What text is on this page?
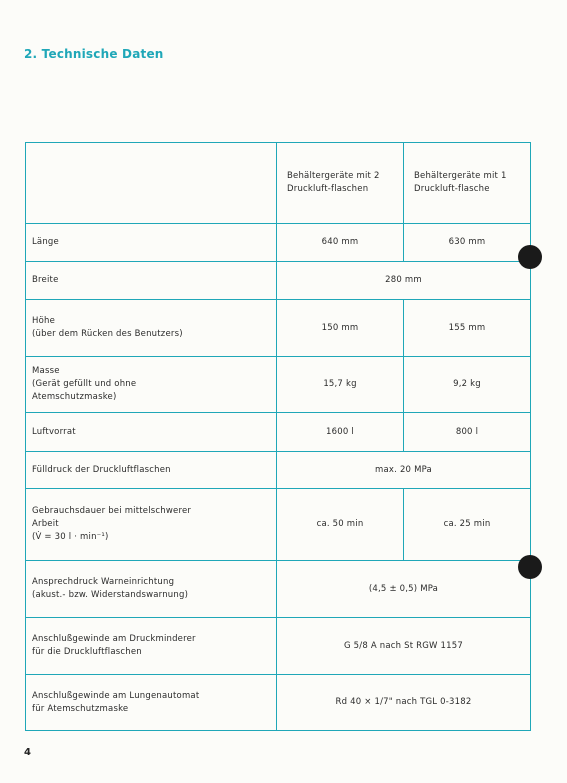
2. Technische Daten
	Behältergeräte mit 2 Druckluft-flaschen	Behältergeräte mit 1 Druckluft-flasche
Länge	640 mm	630 mm
Breite	280 mm	
Höhe
(über dem Rücken des Benutzers)	150 mm	155 mm
Masse
(Gerät gefüllt und ohne
Atemschutzmaske)	15,7 kg	9,2 kg
Luftvorrat	1600 l	800 l
Fülldruck der Druckluftflaschen	max. 20 MPa	
Gebrauchsdauer bei mittelschwerer
Arbeit
(V̇ = 30 l · min⁻¹)	ca. 50 min	ca. 25 min
Ansprechdruck Warneinrichtung
(akust.- bzw. Widerstandswarnung)	(4,5 ± 0,5) MPa	
Anschlußgewinde am Druckminderer
für die Druckluftflaschen	G 5/8 A nach St RGW 1157	
Anschlußgewinde am Lungenautomat
für Atemschutzmaske	Rd 40 × 1/7" nach TGL 0-3182	
4
